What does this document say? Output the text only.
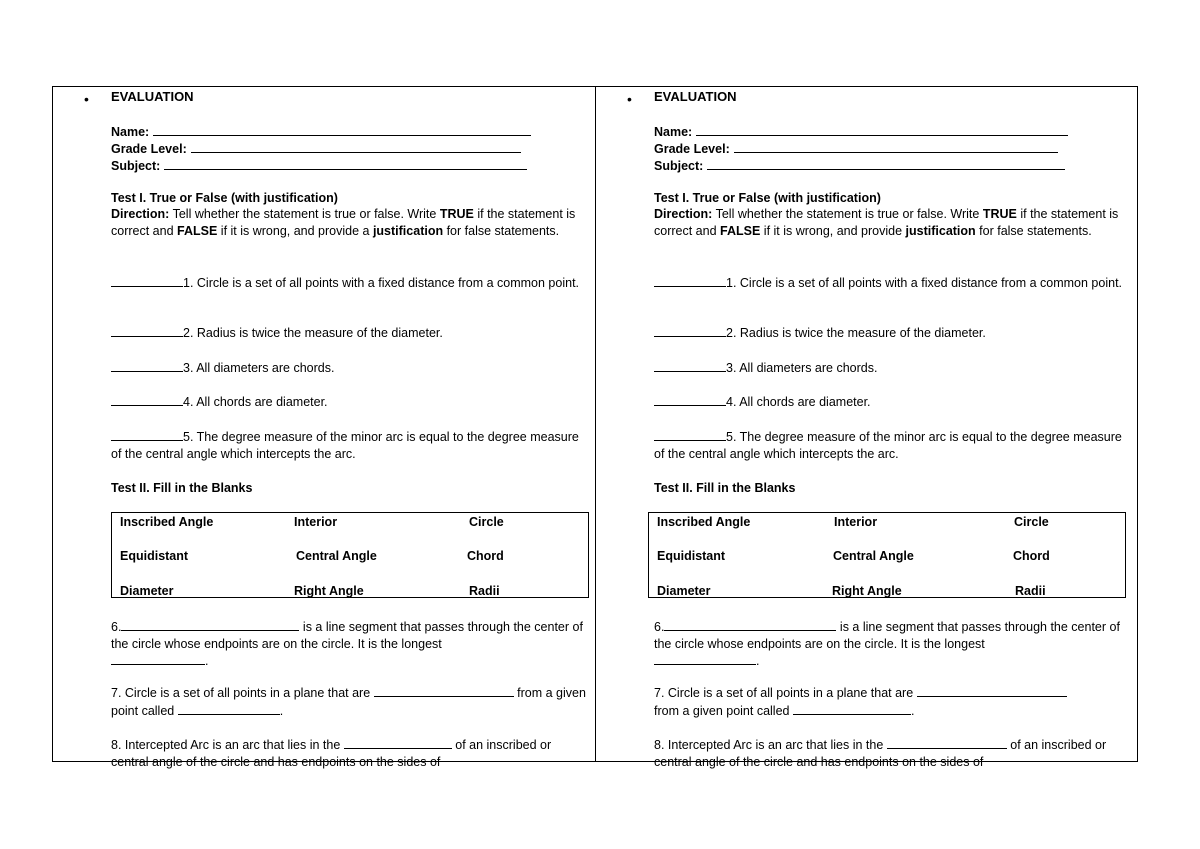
• EVALUATION
Name:
Grade Level:
Subject:
Test I. True or False (with justification)
Direction: Tell whether the statement is true or false. Write TRUE if the statement is correct and FALSE if it is wrong, and provide a justification for false statements.
1. Circle is a set of all points with a fixed distance from a common point.
2. Radius is twice the measure of the diameter.
3. All diameters are chords.
4. All chords are diameter.
5. The degree measure of the minor arc is equal to the degree measure of the central angle which intercepts the arc.
Test II. Fill in the Blanks
Inscribed Angle	Interior	Circle
Equidistant	Central Angle	Chord
Diameter	Right Angle	Radii
6.	is a line segment that passes through the center of the circle whose endpoints are on the circle. It is the longest
.
7. Circle is a set of all points in a plane that are	from a given point called	.
8. Intercepted Arc is an arc that lies in the	of an inscribed or central angle of the circle and has endpoints on the sides of
• EVALUATION
Name:
Grade Level:
Subject:
Test I. True or False (with justification)
Direction: Tell whether the statement is true or false. Write TRUE if the statement is correct and FALSE if it is wrong, and provide justification for false statements.
1. Circle is a set of all points with a fixed distance from a common point.
2. Radius is twice the measure of the diameter.
3. All diameters are chords.
4. All chords are diameter.
5. The degree measure of the minor arc is equal to the degree measure of the central angle which intercepts the arc.
Test II. Fill in the Blanks
Inscribed Angle	Interior	Circle
Equidistant	Central Angle	Chord
Diameter	Right Angle	Radii
6.	is a line segment that passes through the center of the circle whose endpoints are on the circle. It is the longest
.
7. Circle is a set of all points in a plane that are
from a given point called	.
8. Intercepted Arc is an arc that lies in the	of an inscribed or central angle of the circle and has endpoints on the sides of
